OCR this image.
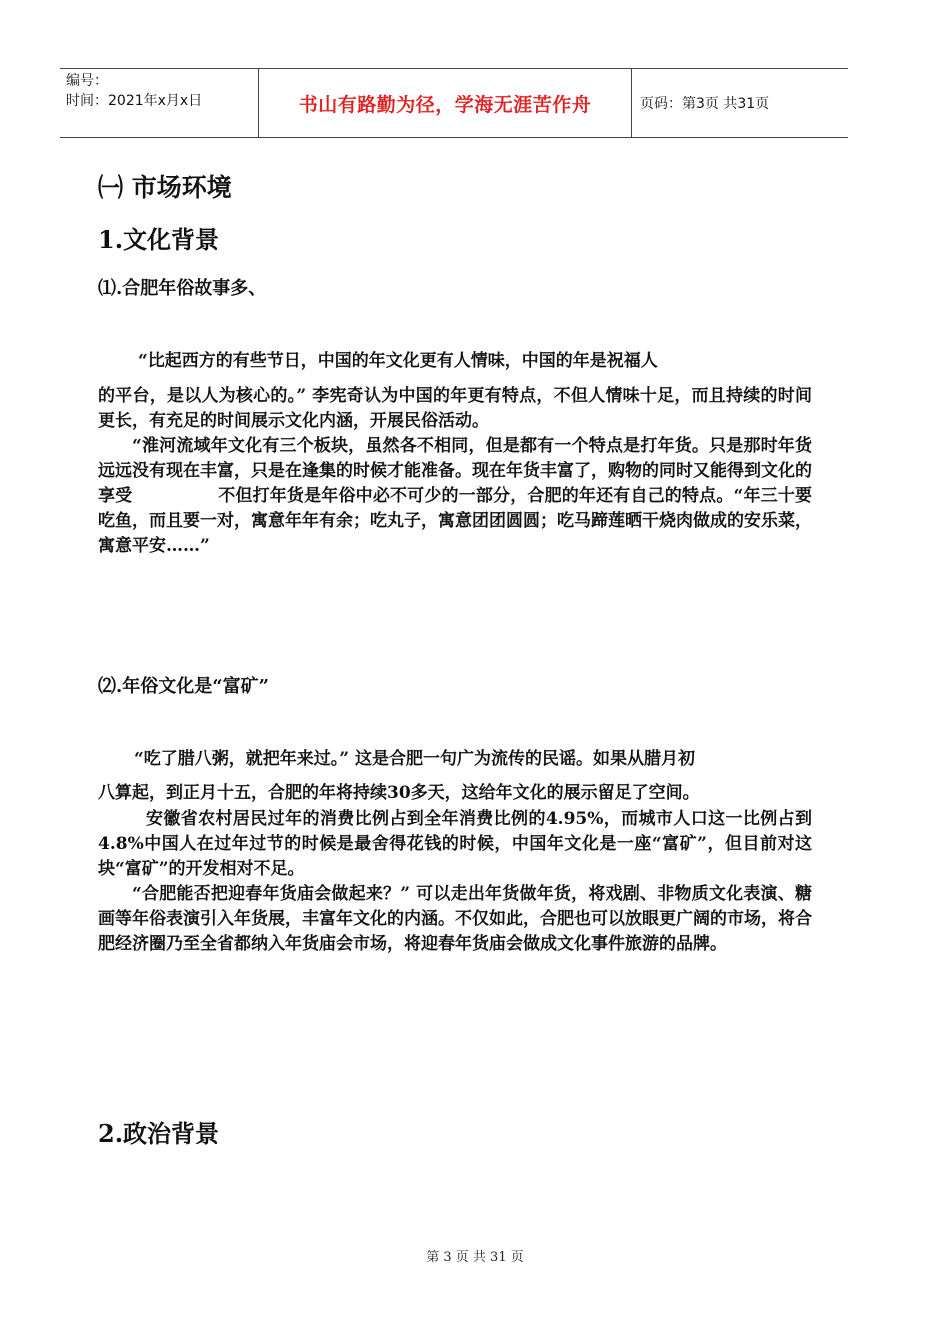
编号：
时间：2021年x月x日	书山有路勤为径，学海无涯苦作舟	页码：第3页 共31页
㈠ 市场环境
1.文化背景
⑴.合肥年俗故事多、
“比起西方的有些节日，中国的年文化更有人情味，中国的年是祝福人

的平台，是以人为核心的。” 李宪奇认为中国的年更有特点，不但人情味十足，而且持续的时间更长，有充足的时间展示文化内涵，开展民俗活动。

“淮河流域年文化有三个板块，虽然各不相同，但是都有一个特点是打年货。只是那时年货远远没有现在丰富，只是在逢集的时候才能准备。现在年货丰富了，购物的同时又能得到文化的享受　　　　　不但打年货是年俗中必不可少的一部分，合肥的年还有自己的特点。“年三十要吃鱼，而且要一对，寓意年年有余；吃丸子，寓意团团圆圆；吃马蹄莲晒干烧肉做成的安乐菜，寓意平安……”

⑵.年俗文化是“富矿”
“吃了腊八粥，就把年来过。” 这是合肥一句广为流传的民谣。如果从腊月初

八算起，到正月十五，合肥的年将持续30多天，这给年文化的展示留足了空间。

安徽省农村居民过年的消费比例占到全年消费比例的4.95%，而城市人口这一比例占到4.8%中国人在过年过节的时候是最舍得花钱的时候，中国年文化是一座“富矿”，但目前对这块“富矿”的开发相对不足。

“合肥能否把迎春年货庙会做起来？” 可以走出年货做年货，将戏剧、非物质文化表演、糖画等年俗表演引入年货展，丰富年文化的内涵。不仅如此，合肥也可以放眼更广阔的市场，将合肥经济圈乃至全省都纳入年货庙会市场，将迎春年货庙会做成文化事件旅游的品牌。

2.政治背景
第 3 页 共 31 页
